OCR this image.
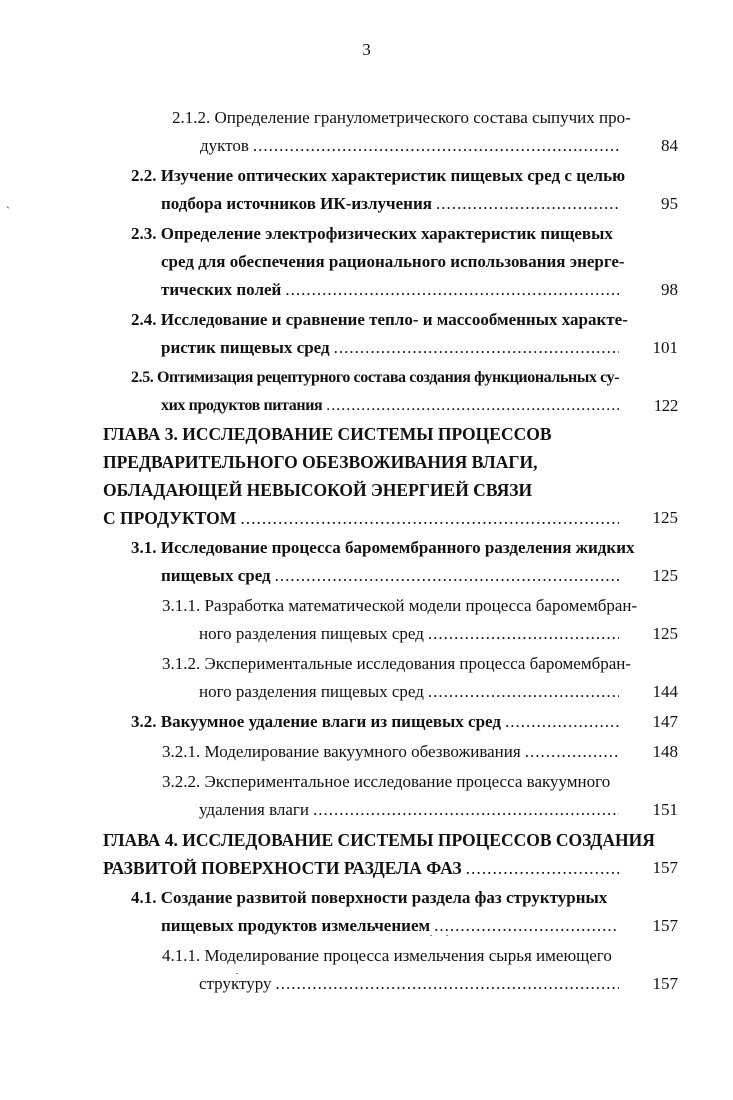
3
`
2.1.2. Определение гранулометрического состава сыпучих про-
дуктов .....	84
2.2. Изучение оптических характеристик пищевых сред с целью
подбора источников ИК-излучения .....	95
2.3. Определение электрофизических характеристик пищевых
сред для обеспечения рационального использования энерге-
тических полей .....	98
2.4. Исследование и сравнение тепло- и массообменных характе-
ристик пищевых сред .....	101
2.5. Оптимизация рецептурного состава создания функциональных су-
хих продуктов питания .....	122
ГЛАВА 3. ИССЛЕДОВАНИЕ СИСТЕМЫ ПРОЦЕССОВ
ПРЕДВАРИТЕЛЬНОГО ОБЕЗВОЖИВАНИЯ ВЛАГИ,
ОБЛАДАЮЩЕЙ НЕВЫСОКОЙ ЭНЕРГИЕЙ СВЯЗИ
С ПРОДУКТОМ .....	125
3.1. Исследование процесса баромембранного разделения жидких
пищевых сред .....	125
3.1.1. Разработка математической модели процесса баромембран-
ного разделения пищевых сред .....	125
3.1.2. Экспериментальные исследования процесса баромембран-
ного разделения пищевых сред .....	144
3.2. Вакуумное удаление влаги из пищевых сред .....	147
3.2.1. Моделирование вакуумного обезвоживания .....	148
3.2.2. Экспериментальное исследование процесса вакуумного
удаления влаги .....	151
ГЛАВА 4. ИССЛЕДОВАНИЕ СИСТЕМЫ ПРОЦЕССОВ СОЗДАНИЯ
РАЗВИТОЙ ПОВЕРХНОСТИ РАЗДЕЛА ФАЗ .....	157
4.1. Создание развитой поверхности раздела фаз структурных
пищевых продуктов измельчением .....	157
4.1.1. Моделирование процесса измельчения сырья имеющего
структуру .....	157
